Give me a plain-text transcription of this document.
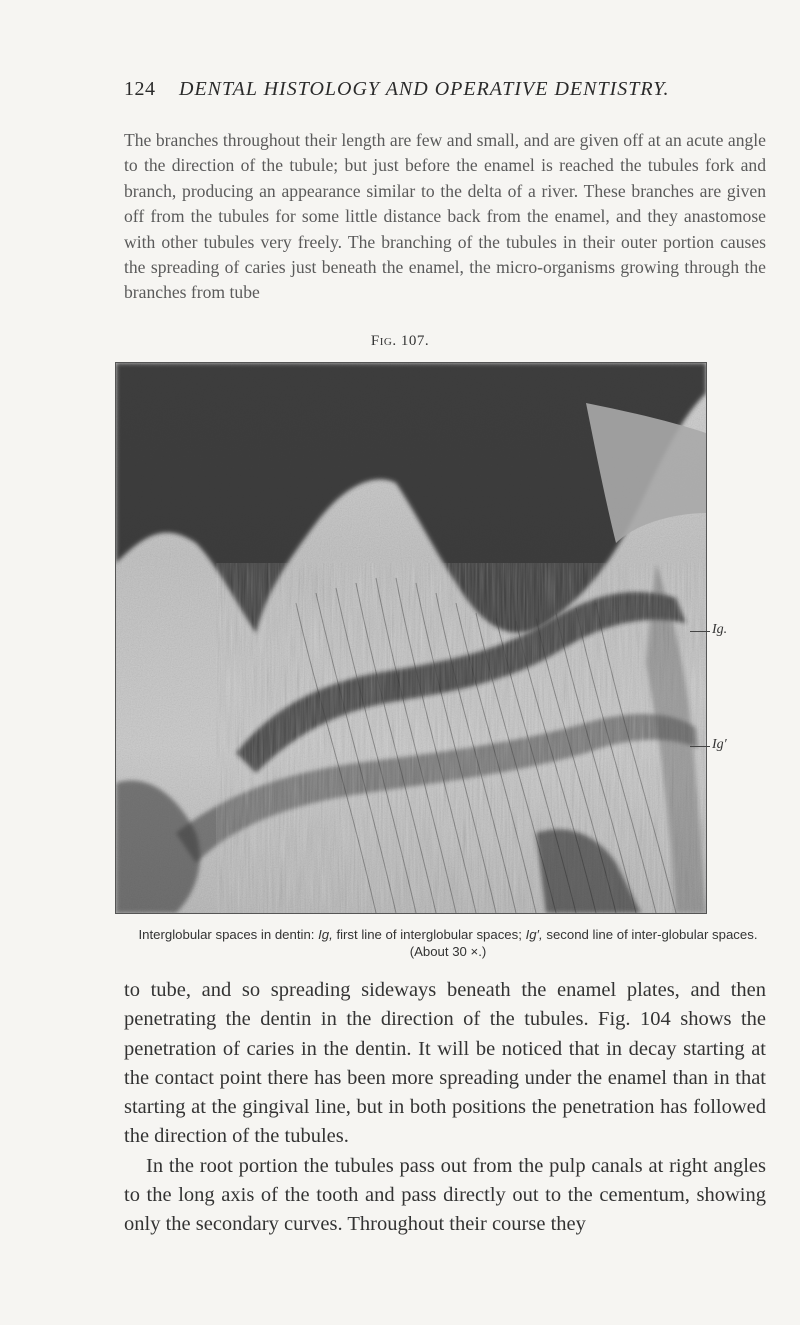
124 DENTAL HISTOLOGY AND OPERATIVE DENTISTRY.

The branches throughout their length are few and small, and are given off at an acute angle to the direction of the tubule; but just before the enamel is reached the tubules fork and branch, producing an appearance similar to the delta of a river. These branches are given off from the tubules for some little distance back from the enamel, and they anastomose with other tubules very freely. The branching of the tubules in their outer portion causes the spreading of caries just beneath the enamel, the micro-organisms growing through the branches from tube

Fig. 107.
Ig.
Ig′
Interglobular spaces in dentin: Ig, first line of interglobular spaces; Ig′, second line of inter-globular spaces. (About 30 ×.)
to tube, and so spreading sideways beneath the enamel plates, and then penetrating the dentin in the direction of the tubules. Fig. 104 shows the penetration of caries in the dentin. It will be noticed that in decay starting at the contact point there has been more spreading under the enamel than in that starting at the gingival line, but in both positions the penetration has followed the direction of the tubules.
In the root portion the tubules pass out from the pulp canals at right angles to the long axis of the tooth and pass directly out to the cementum, showing only the secondary curves. Throughout their course they
